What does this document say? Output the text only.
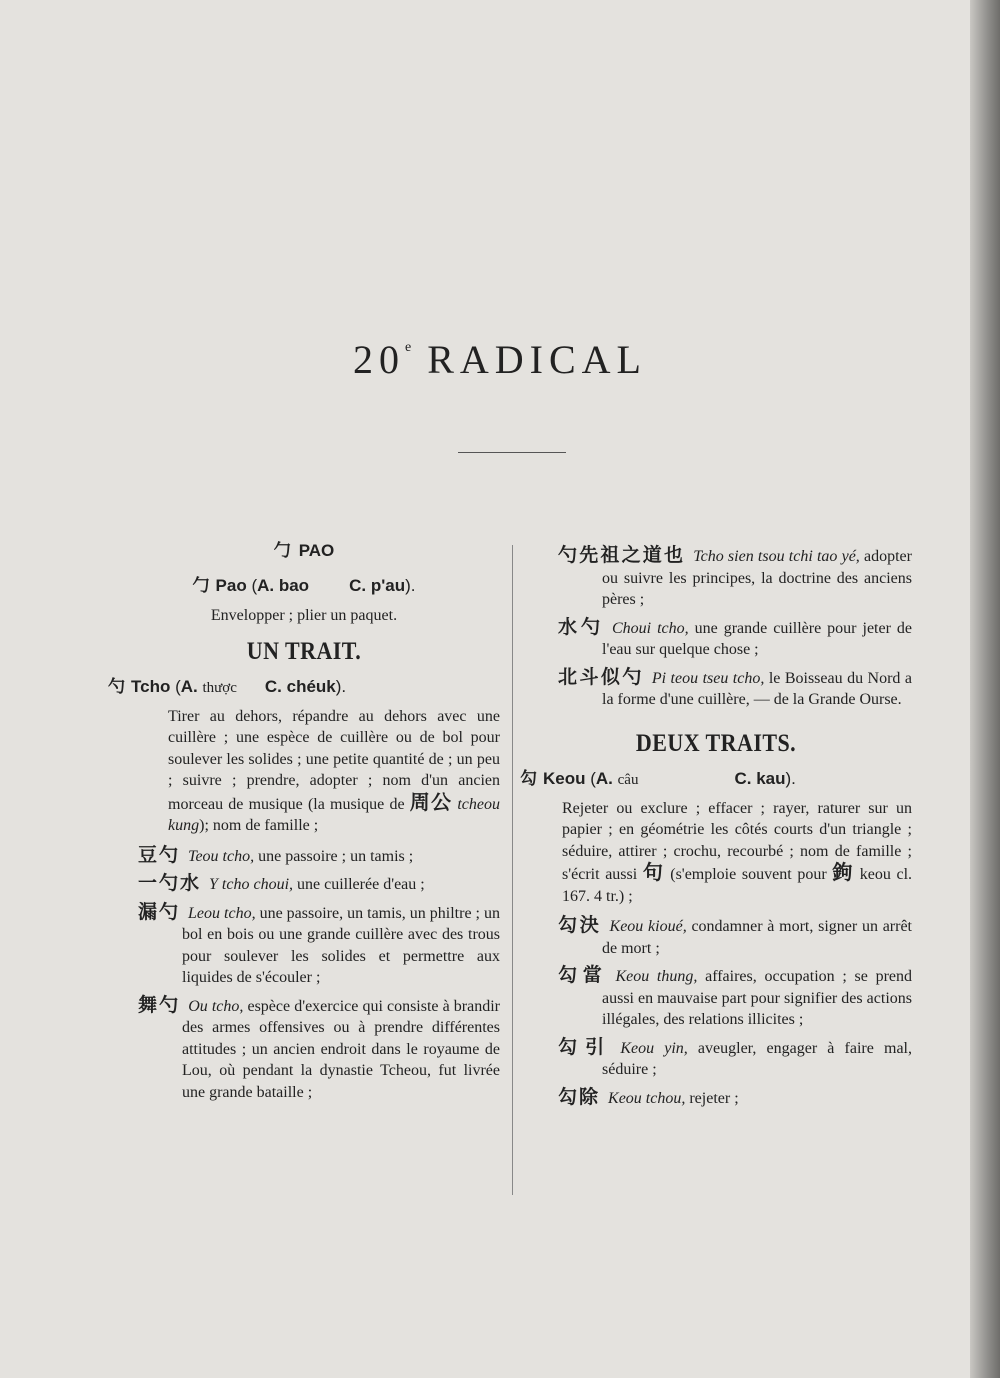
20e RADICAL
勹 PAO
勹 Pao (A. bao C. p'au).
Envelopper ; plier un paquet.
UN TRAIT.
勺 Tcho (A. thược C. chéuk).
Tirer au dehors, répandre au dehors avec une cuillère ; une espèce de cuillère ou de bol pour soulever les solides ; une petite quantité de ; un peu ; suivre ; prendre, adopter ; nom d'un ancien morceau de musique (la musique de 周公 tcheou kung); nom de famille ;
豆勺 Teou tcho, une passoire ; un tamis ;
一勺水 Y tcho choui, une cuillerée d'eau ;
漏勺 Leou tcho, une passoire, un tamis, un philtre ; un bol en bois ou une grande cuillère avec des trous pour soulever les solides et permettre aux liquides de s'écouler ;
舞勺 Ou tcho, espèce d'exercice qui consiste à brandir des armes offensives ou à prendre différentes attitudes ; un ancien endroit dans le royaume de Lou, où pendant la dynastie Tcheou, fut livrée une grande bataille ;
勺先祖之道也 Tcho sien tsou tchi tao yé, adopter ou suivre les principes, la doctrine des anciens pères ;
水勺 Choui tcho, une grande cuillère pour jeter de l'eau sur quelque chose ;
北斗似勺 Pi teou tseu tcho, le Boisseau du Nord a la forme d'une cuillère, — de la Grande Ourse.
DEUX TRAITS.
勾 Keou (A. câu	C. kau).
Rejeter ou exclure ; effacer ; rayer, raturer sur un papier ; en géométrie les côtés courts d'un triangle ; séduire, attirer ; crochu, recourbé ; nom de famille ; s'écrit aussi 句 (s'emploie souvent pour 鉤 keou cl. 167. 4 tr.) ;
勾決 Keou kioué, condamner à mort, signer un arrêt de mort ;
勾當 Keou thung, affaires, occupation ; se prend aussi en mauvaise part pour signifier des actions illégales, des relations illicites ;
勾引 Keou yin, aveugler, engager à faire mal, séduire ;
勾除 Keou tchou, rejeter ;
